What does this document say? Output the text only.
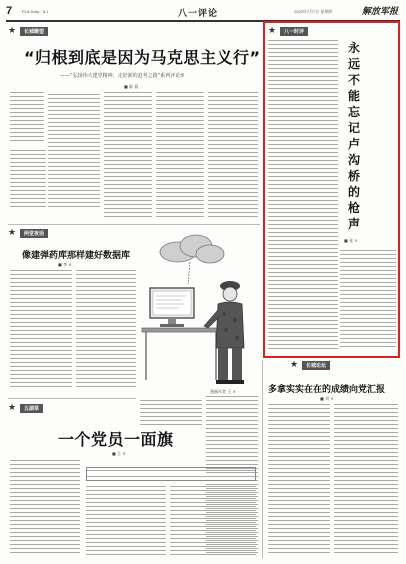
7 PLA Daily · 8.1	八一评论	2022年7月7日 星期四	解放军报
★	长城瞭望
“归根到底是因为马克思主义行”
——“弘扬伟大建党精神，走好新的赶考之路”系列评论⑤
■ 陈 晨
★	两堂夜话
像建弹药库那样建好数据库
■ 李 ×
漫画作者 王 ×
★	八一时评
永
远
不
能
忘
记
卢
沟
桥
的
枪
声
■ 张 ×
★	长城论坛
多拿实实在在的成绩向党汇报
■ 刘 ×
★	五湖草
一个党员一面旗
■ 王 ×
